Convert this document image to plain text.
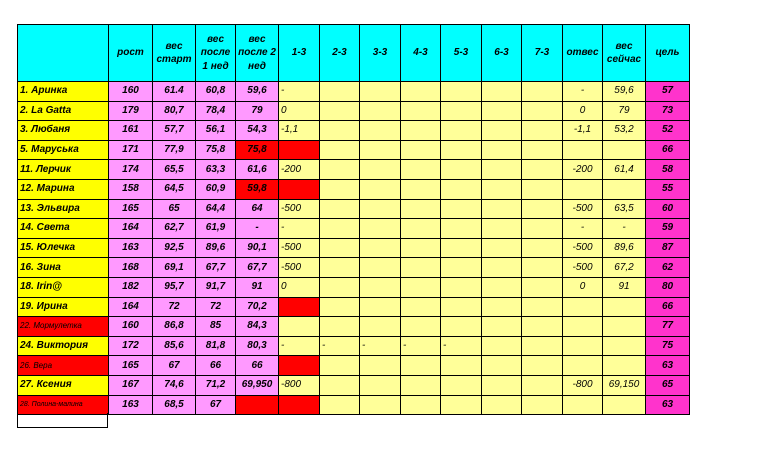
	рост	вес старт	вес после 1 нед	вес после 2 нед	1-3	2-3	3-3	4-3	5-3	6-3	7-3	отвес	вес сейчас	цель
1. Аринка	160	61.4	60,8	59,6	-							-	59,6	57
2. La Gatta	179	80,7	78,4	79	0							0	79	73
3. Любаня	161	57,7	56,1	54,3	-1,1							-1,1	53,2	52
5. Маруська	171	77,9	75,8	75,8										66
11. Лерчик	174	65,5	63,3	61,6	-200							-200	61,4	58
12. Марина	158	64,5	60,9	59,8										55
13. Эльвира	165	65	64,4	64	-500							-500	63,5	60
14. Света	164	62,7	61,9	-	-							-	-	59
15. Юлечка	163	92,5	89,6	90,1	-500							-500	89,6	87
16. Зина	168	69,1	67,7	67,7	-500							-500	67,2	62
18. Irin@	182	95,7	91,7	91	0							0	91	80
19. Ирина	164	72	72	70,2										66
22. Мормулетка	160	86,8	85	84,3										77
24. Виктория	172	85,6	81,8	80,3	-	-	-	-	-					75
26. Вера	165	67	66	66										63
27. Ксения	167	74,6	71,2	69,950	-800							-800	69,150	65
28. Полина-малина	163	68,5	67											63
